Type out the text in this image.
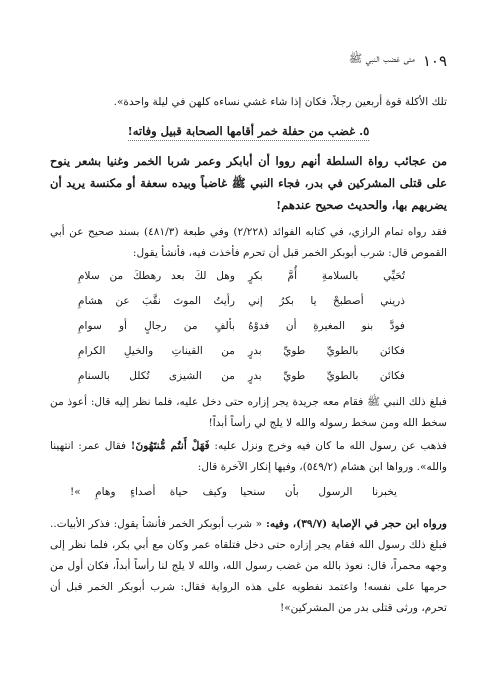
١٠٩
متى غضب النبي ﷺ

تلك الأكلة قوة أربعين رجلاً، فكان إذا شاء غشي نساءه كلهن في ليلة واحدة».

٥. غضب من حفلة خمر أقامها الصحابة قبيل وفاته!

من عجائب رواة السلطة أنهم رووا أن أبابكر وعمر شربا الخمر وغنيا بشعر ينوح على قتلى المشركين في بدر، فجاء النبي ﷺ غاضباً وبيده سعفة أو مكنسة يريد أن يضربهم بها، والحديث صحيح عندهم!

فقد رواه تمام الرازي، في كتابه الفوائد (٢/٢٢٨) وفي طبعة (٤٨١/٣) بسند صحيح عن أبي القموص قال: شرب أبوبكر الخمر قبل أن تحرم فأخذت فيه، فأنشأ يقول:

تُحَيِّي
بالسلامةِ
أُمَّ
بكرٍ
وهل
لكَ
بعد
رهطكَ
من
سلامِ
ذريني
أصطبحْ
يا
بكرُ
إني
رأيتُ
الموتَ
نقَّبَ
عن
هشامِ
فودَّ
بنو
المغيرةِ
أن
فدوْهُ
بألفٍ
من
رجالٍ
أو
سوامِ
فكائن
بالطويِّ
طويِّ
بدرٍ
من
القيناتِ
والخيلِ
الكرامِ
فكائن
بالطويِّ
طويِّ
بدرٍ
من
الشيزى
تُكلل
بالسنامِ

فبلغ ذلك النبي ﷺ فقام معه جريدة يجر إزاره حتى دخل عليه، فلما نظر إليه قال: أعوذ من سخط الله ومن سخط رسوله والله لا يلج لي رأساً أبداً!

فذهب عن رسول الله ما كان فيه وخرج ونزل عليه: فَهَلْ أَنتُم مُّنتَهُونَ! فقال عمر: انتهينا والله». ورواها ابن هشام (٥٤٩/٢)، وفيها إنكار الآخرة قال:

يخبرنا
الرسول
بأن
سنحيا
وكيف
حياة
أصداءٍ
وهامِ
»!

ورواه ابن حجر في الإصابة (٣٩/٧)، وفيه: « شرب أبوبكر الخمر فأنشأ يقول: فذكر الأبيات.. فبلغ ذلك رسول الله فقام يجر إزاره حتى دخل فتلقاه عمر وكان مع أبي بكر، فلما نظر إلى وجهه محمراً، قال: نعوذ بالله من غضب رسول الله، والله لا يلج لنا رأساً أبداً، فكان أول من حرمها على نفسه! واعتمد نفطويه على هذه الرواية فقال: شرب أبوبكر الخمر قبل أن تحرم، ورثى قتلى بدر من المشركين»!
